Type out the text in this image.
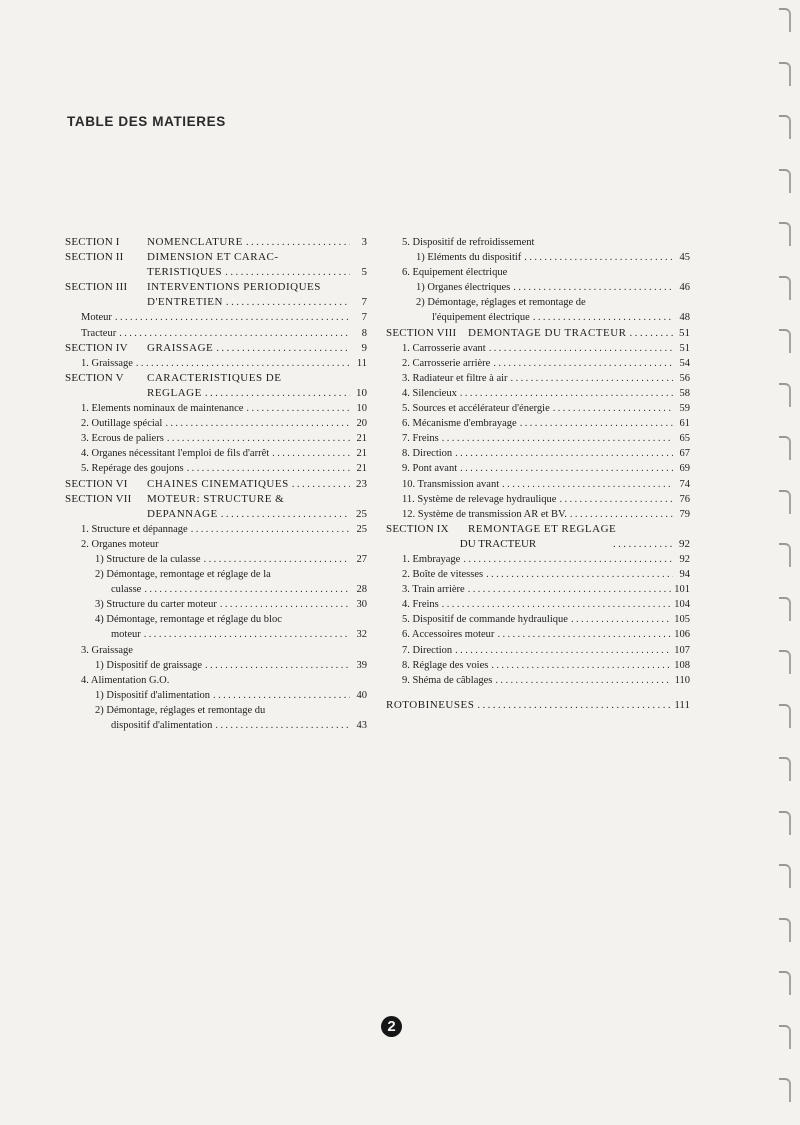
TABLE DES MATIERES
SECTION I	NOMENCLATURE .....	3
SECTION II	DIMENSION ET CARAC-
TERISTIQUES .....	5
SECTION III	INTERVENTIONS PERIODIQUES
D'ENTRETIEN .....	7
Moteur .....	7
Tracteur .....	8
SECTION IV	GRAISSAGE .....	9
1. Graissage .....	11
SECTION V	CARACTERISTIQUES DE
REGLAGE .....	10
1. Elements nominaux de maintenance .....	10
2. Outillage spécial .....	20
3. Ecrous de paliers .....	21
4. Organes nécessitant l'emploi de fils d'arrêt .....	21
5. Repérage des goujons .....	21
SECTION VI	CHAINES CINEMATIQUES .....	23
SECTION VII	MOTEUR: STRUCTURE &
DEPANNAGE .....	25
1. Structure et dépannage .....	25
2. Organes moteur
1) Structure de la culasse .....	27
2) Démontage, remontage et réglage de la
culasse .....	28
3) Structure du carter moteur .....	30
4) Démontage, remontage et réglage du bloc
moteur .....	32
3. Graissage
1) Dispositif de graissage .....	39
4. Alimentation G.O.
1) Dispositif d'alimentation .....	40
2) Démontage, réglages et remontage du
dispositif d'alimentation .....	43
5. Dispositif de refroidissement
1) Eléments du dispositif .....	45
6. Equipement électrique
1) Organes électriques .....	46
2) Démontage, réglages et remontage de
l'équipement électrique .....	48
SECTION VIII	DEMONTAGE DU TRACTEUR .....	51
1. Carrosserie avant .....	51
2. Carrosserie arrière .....	54
3. Radiateur et filtre à air .....	56
4. Silencieux .....	58
5. Sources et accélérateur d'énergie .....	59
6. Mécanisme d'embrayage .....	61
7. Freins .....	65
8. Direction .....	67
9. Pont avant .....	69
10. Transmission avant .....	74
11. Système de relevage hydraulique .....	76
12. Système de transmission AR et BV. .....	79
SECTION IX	REMONTAGE ET REGLAGE
DU TRACTEUR .....	92
1. Embrayage .....	92
2. Boîte de vitesses .....	94
3. Train arrière .....	101
4. Freins .....	104
5. Dispositif de commande hydraulique .....	105
6. Accessoires moteur .....	106
7. Direction .....	107
8. Réglage des voies .....	108
9. Shéma de câblages .....	110
ROTOBINEUSES .....	111
2
